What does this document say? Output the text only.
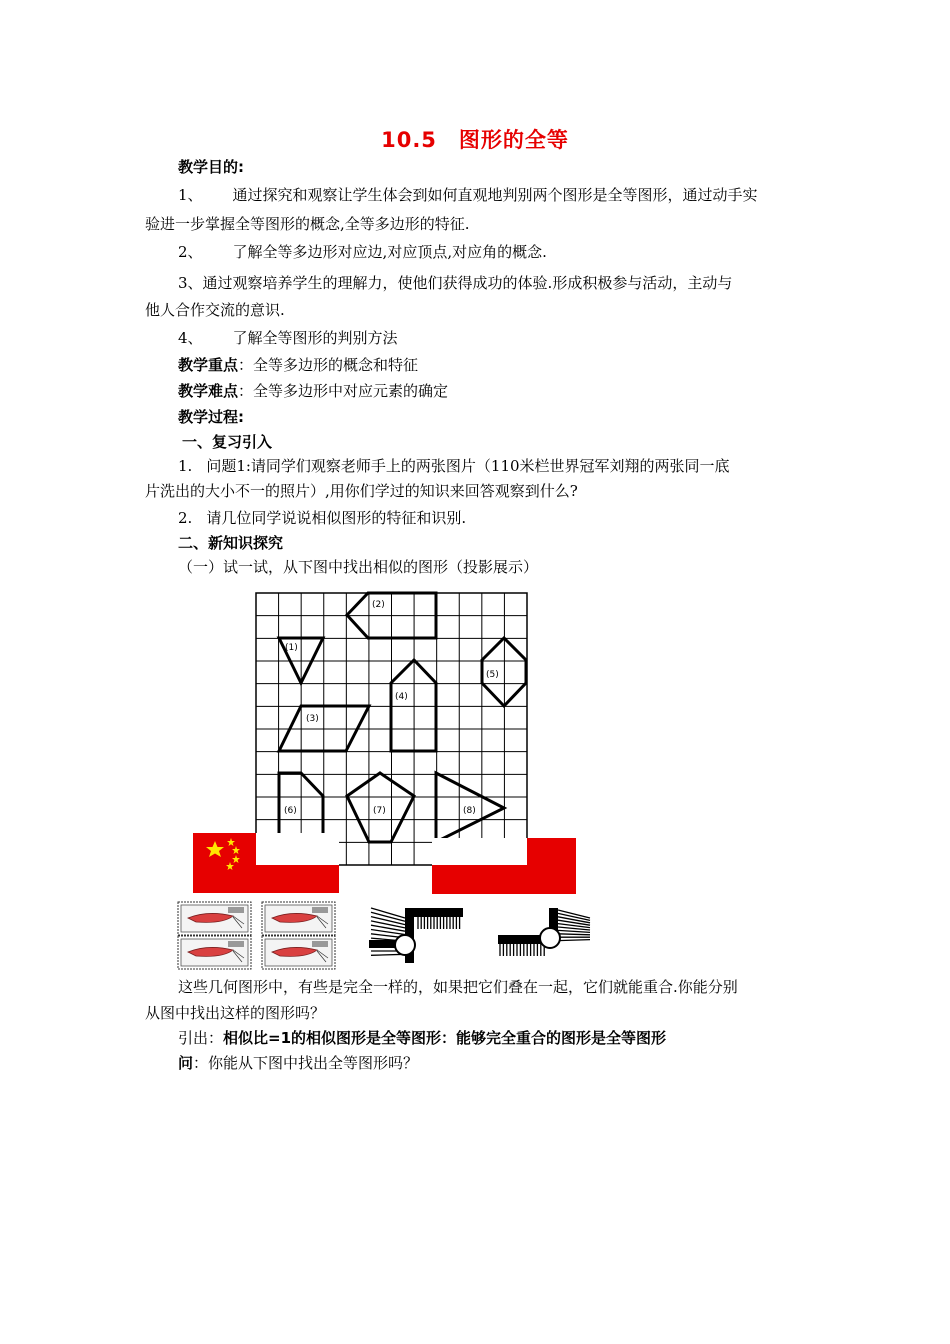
10.5　图形的全等
教学目的:
1、 通过探究和观察让学生体会到如何直观地判别两个图形是全等图形，通过动手实
验进一步掌握全等图形的概念,全等多边形的特征.
2、 了解全等多边形对应边,对应顶点,对应角的概念.
3、通过观察培养学生的理解力，使他们获得成功的体验.形成积极参与活动，主动与
他人合作交流的意识.
4、 了解全等图形的判别方法
教学重点：全等多边形的概念和特征
教学难点：全等多边形中对应元素的确定
教学过程:
一、复习引入
1. 问题1:请同学们观察老师手上的两张图片（110米栏世界冠军刘翔的两张同一底
片洗出的大小不一的照片）,用你们学过的知识来回答观察到什么?
2. 请几位同学说说相似图形的特征和识别.
二、新知识探究
（一）试一试，从下图中找出相似的图形（投影展示）
(1)
(2)
(3)
(4)
(5)
(6)	(7)	(8)
这些几何图形中，有些是完全一样的，如果把它们叠在一起，它们就能重合.你能分别
从图中找出这样的图形吗？
引出：相似比=1的相似图形是全等图形：能够完全重合的图形是全等图形
问：你能从下图中找出全等图形吗？
